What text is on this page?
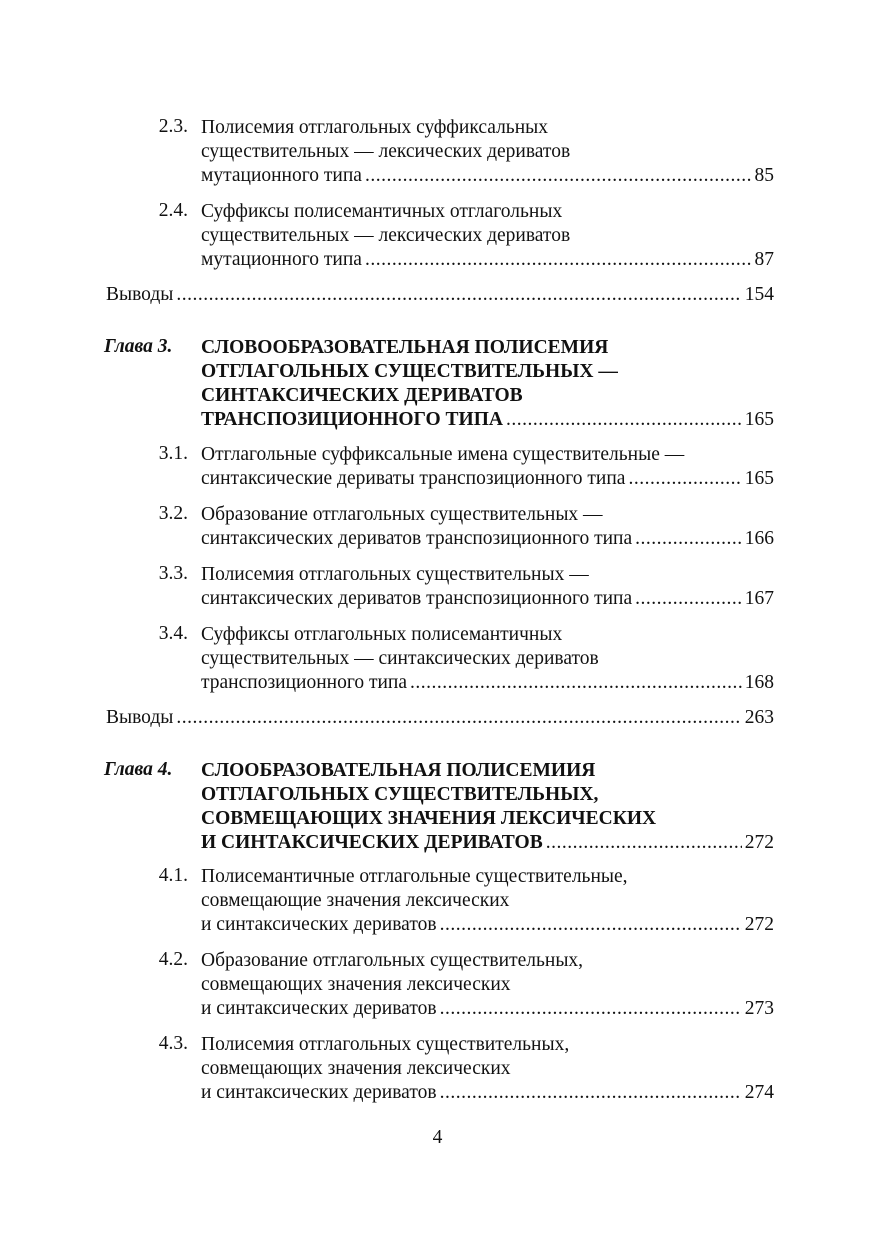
2.3. Полисемия отглагольных суффиксальных
существительных — лексических дериватов
мутационного типа .....	85
2.4. Суффиксы полисемантичных отглагольных
существительных — лексических дериватов
мутационного типа .....	87
Выводы .....	154
Глава 3. СЛОВООБРАЗОВАТЕЛЬНАЯ ПОЛИСЕМИЯ
ОТГЛАГОЛЬНЫХ СУЩЕСТВИТЕЛЬНЫХ —
СИНТАКСИЧЕСКИХ ДЕРИВАТОВ
ТРАНСПОЗИЦИОННОГО ТИПА .....	165
3.1. Отглагольные суффиксальные имена существительные —
синтаксические дериваты транспозиционного типа .....	165
3.2. Образование отглагольных существительных —
синтаксических дериватов транспозиционного типа .....	166
3.3. Полисемия отглагольных существительных —
синтаксических дериватов транспозиционного типа .....	167
3.4. Суффиксы отглагольных полисемантичных
существительных — синтаксических дериватов
транспозиционного типа .....	168
Выводы .....	263
Глава 4. СЛООБРАЗОВАТЕЛЬНАЯ ПОЛИСЕМИИЯ
ОТГЛАГОЛЬНЫХ СУЩЕСТВИТЕЛЬНЫХ,
СОВМЕЩАЮЩИХ ЗНАЧЕНИЯ ЛЕКСИЧЕСКИХ
И СИНТАКСИЧЕСКИХ ДЕРИВАТОВ .....	272
4.1. Полисемантичные отглагольные существительные,
совмещающие значения лексических
и синтаксических дериватов .....	272
4.2. Образование отглагольных существительных,
совмещающих значения лексических
и синтаксических дериватов .....	273
4.3. Полисемия отглагольных существительных,
совмещающих значения лексических
и синтаксических дериватов .....	274
4
